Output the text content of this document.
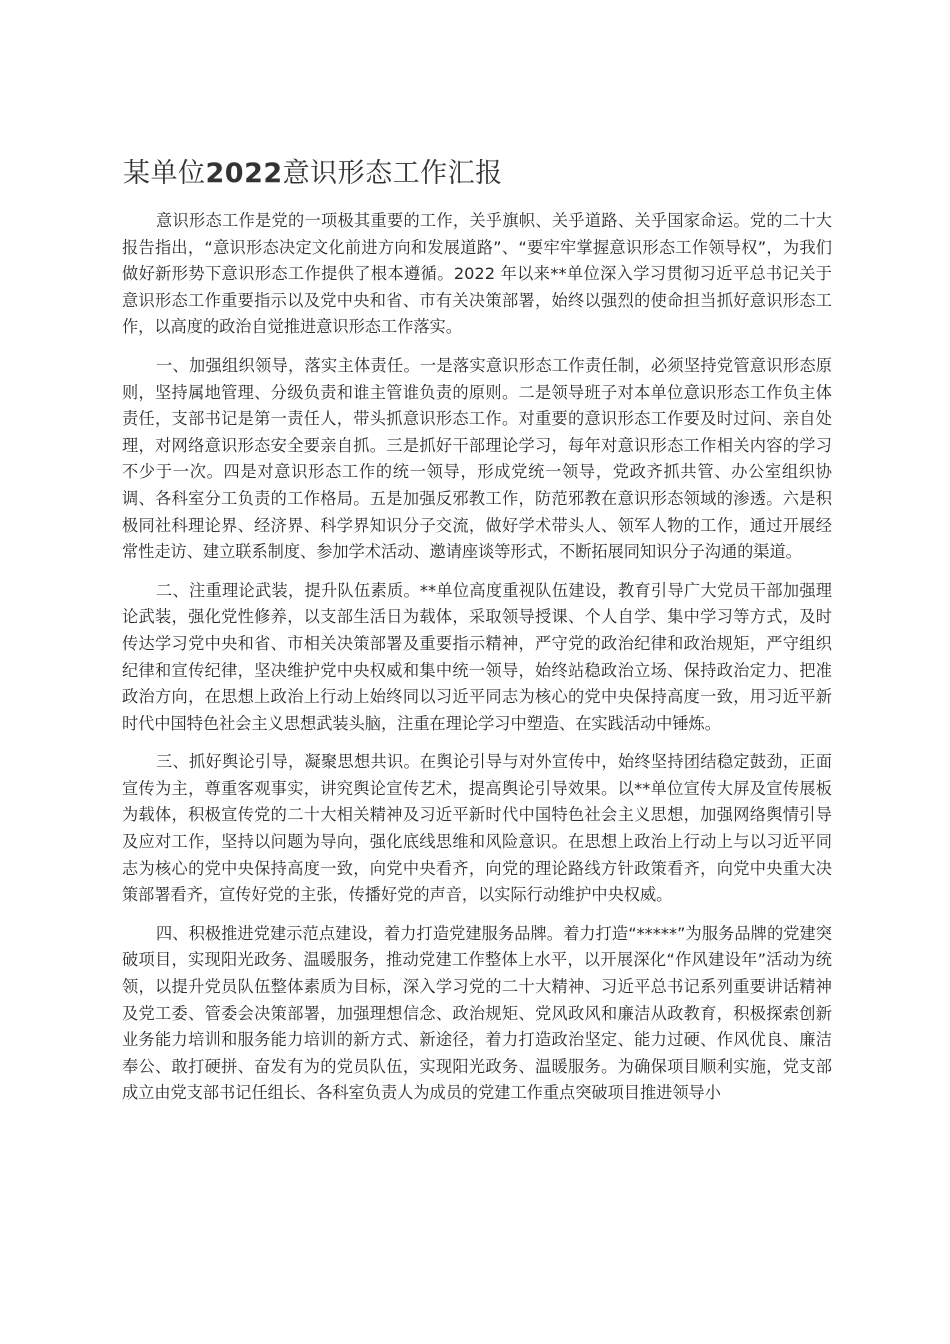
某单位2022意识形态工作汇报

意识形态工作是党的一项极其重要的工作，关乎旗帜、关乎道路、关乎国家命运。党的二十大报告指出，“意识形态决定文化前进方向和发展道路”、“要牢牢掌握意识形态工作领导权”，为我们做好新形势下意识形态工作提供了根本遵循。2022 年以来**单位深入学习贯彻习近平总书记关于意识形态工作重要指示以及党中央和省、市有关决策部署，始终以强烈的使命担当抓好意识形态工作，以高度的政治自觉推进意识形态工作落实。

一、加强组织领导，落实主体责任。一是落实意识形态工作责任制，必须坚持党管意识形态原则，坚持属地管理、分级负责和谁主管谁负责的原则。二是领导班子对本单位意识形态工作负主体责任，支部书记是第一责任人，带头抓意识形态工作。对重要的意识形态工作要及时过问、亲自处理，对网络意识形态安全要亲自抓。三是抓好干部理论学习，每年对意识形态工作相关内容的学习不少于一次。四是对意识形态工作的统一领导，形成党统一领导，党政齐抓共管、办公室组织协调、各科室分工负责的工作格局。五是加强反邪教工作，防范邪教在意识形态领域的渗透。六是积极同社科理论界、经济界、科学界知识分子交流，做好学术带头人、领军人物的工作，通过开展经常性走访、建立联系制度、参加学术活动、邀请座谈等形式，不断拓展同知识分子沟通的渠道。

二、注重理论武装，提升队伍素质。**单位高度重视队伍建设，教育引导广大党员干部加强理论武装，强化党性修养，以支部生活日为载体，采取领导授课、个人自学、集中学习等方式，及时传达学习党中央和省、市相关决策部署及重要指示精神，严守党的政治纪律和政治规矩，严守组织纪律和宣传纪律，坚决维护党中央权威和集中统一领导，始终站稳政治立场、保持政治定力、把准政治方向，在思想上政治上行动上始终同以习近平同志为核心的党中央保持高度一致，用习近平新时代中国特色社会主义思想武装头脑，注重在理论学习中塑造、在实践活动中锤炼。

三、抓好舆论引导，凝聚思想共识。在舆论引导与对外宣传中，始终坚持团结稳定鼓劲，正面宣传为主，尊重客观事实，讲究舆论宣传艺术，提高舆论引导效果。以**单位宣传大屏及宣传展板为载体，积极宣传党的二十大相关精神及习近平新时代中国特色社会主义思想，加强网络舆情引导及应对工作，坚持以问题为导向，强化底线思维和风险意识。在思想上政治上行动上与以习近平同志为核心的党中央保持高度一致，向党中央看齐，向党的理论路线方针政策看齐，向党中央重大决策部署看齐，宣传好党的主张，传播好党的声音，以实际行动维护中央权威。

四、积极推进党建示范点建设，着力打造党建服务品牌。着力打造“*****”为服务品牌的党建突破项目，实现阳光政务、温暖服务，推动党建工作整体上水平，以开展深化“作风建设年”活动为统领，以提升党员队伍整体素质为目标，深入学习党的二十大精神、习近平总书记系列重要讲话精神及党工委、管委会决策部署，加强理想信念、政治规矩、党风政风和廉洁从政教育，积极探索创新业务能力培训和服务能力培训的新方式、新途径，着力打造政治坚定、能力过硬、作风优良、廉洁奉公、敢打硬拼、奋发有为的党员队伍，实现阳光政务、温暖服务。为确保项目顺利实施，党支部成立由党支部书记任组长、各科室负责人为成员的党建工作重点突破项目推进领导小
